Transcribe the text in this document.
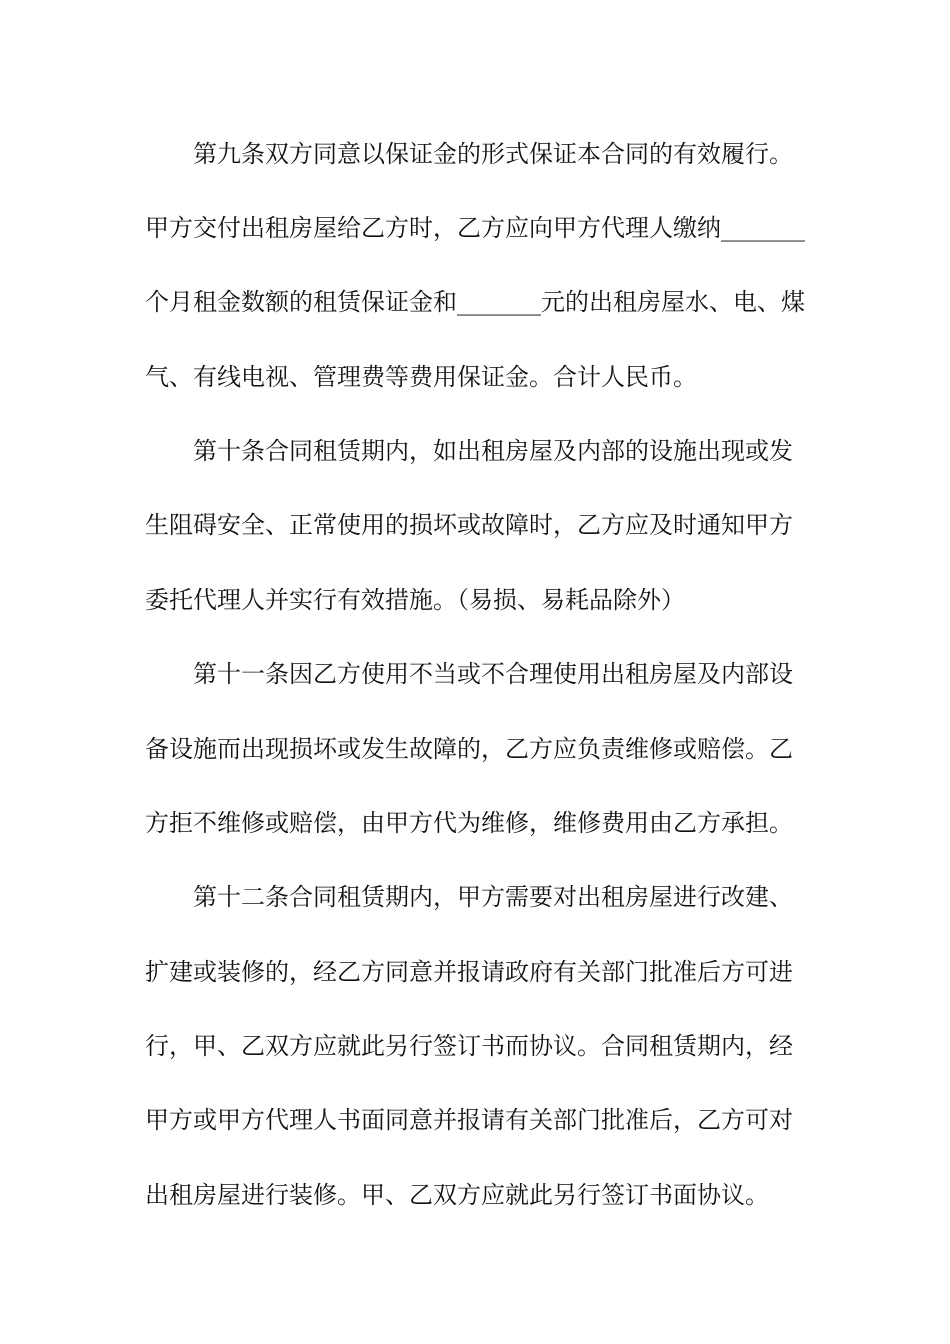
第九条双方同意以保证金的形式保证本合同的有效履行。
甲方交付出租房屋给乙方时，乙方应向甲方代理人缴纳_______
个月租金数额的租赁保证金和_______元的出租房屋水、电、煤
气、有线电视、管理费等费用保证金。合计人民币。
第十条合同租赁期内，如出租房屋及内部的设施出现或发
生阻碍安全、正常使用的损坏或故障时，乙方应及时通知甲方
委托代理人并实行有效措施。（易损、易耗品除外）
第十一条因乙方使用不当或不合理使用出租房屋及内部设
备设施而出现损坏或发生故障的，乙方应负责维修或赔偿。乙
方拒不维修或赔偿，由甲方代为维修，维修费用由乙方承担。
第十二条合同租赁期内，甲方需要对出租房屋进行改建、
扩建或装修的，经乙方同意并报请政府有关部门批准后方可进
行，甲、乙双方应就此另行签订书而协议。合同租赁期内，经
甲方或甲方代理人书面同意并报请有关部门批准后，乙方可对
出租房屋进行装修。甲、乙双方应就此另行签订书面协议。
